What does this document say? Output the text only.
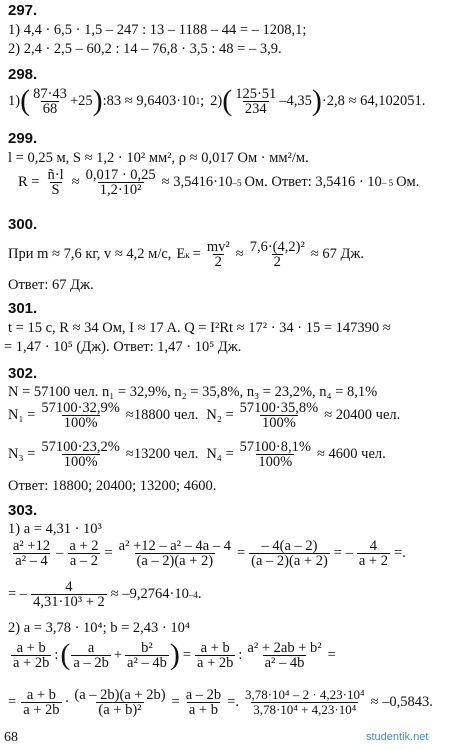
297.
1) 4,4 · 6,5 · 1,5 – 247 : 13 – 1188 – 44 = – 1208,1;
2) 2,4 · 2,5 – 60,2 : 14 – 76,8 · 3,5 : 48 = – 3,9.
298.
1) ( $\frac{87\cdot 43}{68} +25$ ) :83 ≈ 9,6403·10 1 ; 2) ( $\frac{125\cdot 51}{234} -4,35$ ) ·2,8 ≈ 64,102051.
299.
l = 0,25 м, S ≈ 1,2 · 10² мм², ρ ≈ 0,017 Ом · мм²/м.
$R = \frac{ñ\cdot l}{S} \approx \frac{0,017 \cdot 0,25}{\text{1,2·10²}} \approx 3,5416\cdot 10$ –5 Ом. Ответ: 3,5416 · 10 – 5 Ом.
300.
При m ≈ 7,6 кг, v ≈ 4,2 м/с, E $к = \frac{\text{mv²}}{2} \approx \frac{\text{7,6·(4,2)²}}{2} \approx 67$ Дж.
Ответ: 67 Дж.
301.
t = 15 с, R ≈ 34 Ом, I ≈ 17 A. Q = I²Rt ≈ 17² · 34 · 15 = 147390 ≈
= 1,47 · 10⁵ (Дж). Ответ: 1,47 · 10⁵ Дж.
302.
N = 57100 чел. n₁ = 32,9%, n₂ = 35,8%, n₃ = 23,2%, n₄ = 8,1%
$N_1 = \frac{57100\cdot 32,9\%}{100\%} \approx 18800$ чел. $N_2 = \frac{57100\cdot 35,8\%}{100\%} \approx 20400$ чел.
$N_3 = \frac{57100\cdot 23,2\%}{100\%} \approx 13200$ чел. $N_4 = \frac{57100\cdot 8,1\%}{100\%} \approx 4600$ чел.
Ответ: 18800; 20400; 13200; 4600.
303.
1) a = 4,31 · 10³
$\frac{\text{a² +12}}{\text{a² – 4}} - \frac{a + 2}{a - 2} = \frac{\text{a² +12 – a² – 4a – 4}}{(a - 2)(a + 2)} = \frac{- 4(a - 2)}{(a - 2)(a + 2)}$ = – $\frac{4}{a + 2}$ =.
= – $\frac{4}{\text{4,31·10³ + 2}} \approx -9,2764\cdot 10$ –4 .
2) a = 3,78 · 10⁴; b = 2,43 · 10⁴
$\frac{a + b}{a + 2b}$ : ( $\frac{a}{a - 2b} + \frac{\text{b²}}{\text{a² – 4b}}$ ) = $\frac{a + b}{a + 2b}$ : $\frac{\text{a² + 2ab + b²}}{\text{a² – 4b}}$ =
= $\frac{a + b}{a + 2b} \cdot \frac{(a - 2b)(a + 2b)}{\text{(a + b)²}} = \frac{a - 2b}{a + b}$ =. $\frac{\text{3,78·10⁴ – 2 · 4,23·10⁴}}{\text{3,78·10⁴ + 4,23·10⁴}} \approx -0,5843$.
68	studentik.net
